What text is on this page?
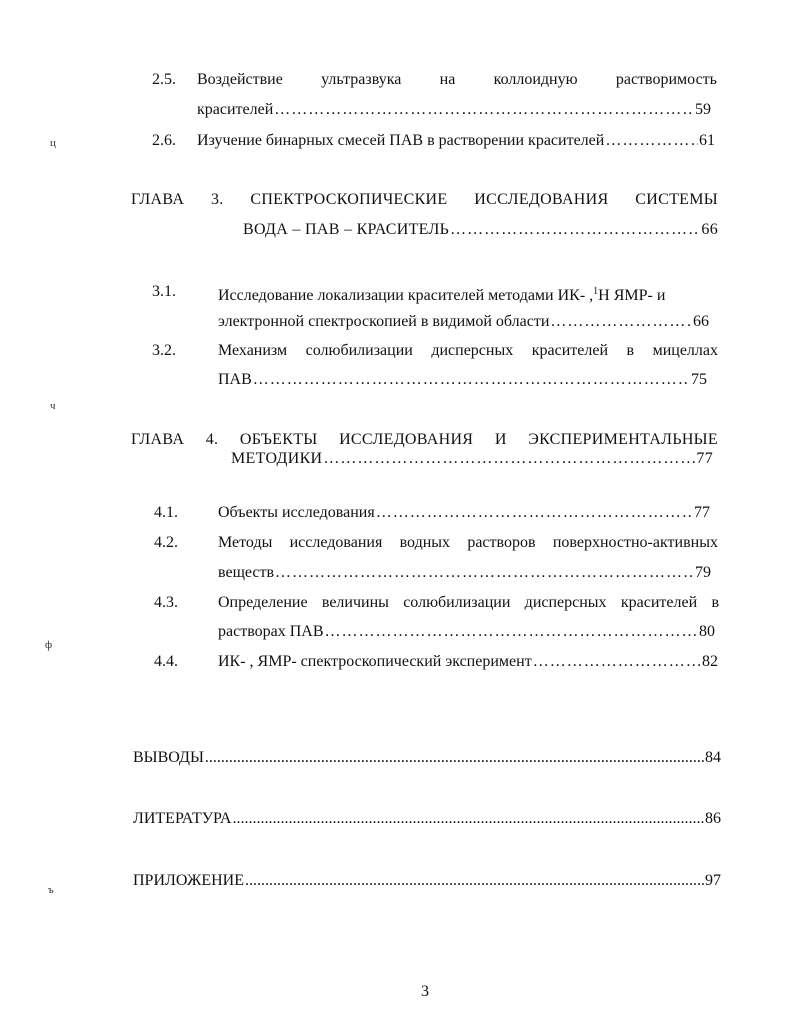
ц
ч
ф
ъ
2.5. Воздействие ультразвука на коллоидную растворимость
красителей ………………………………………………………………………………………………………………………………………………………………	59
2.6. Изучение бинарных смесей ПАВ в растворении красителей ………………………………………………………………………………………………………………………………………………………………	61
ГЛАВА 3. СПЕКТРОСКОПИЧЕСКИЕ ИССЛЕДОВАНИЯ СИСТЕМЫ
ВОДА – ПАВ – КРАСИТЕЛЬ ………………………………………………………………………………………………………………………………………………………………	66
3.1.	Исследование локализации красителей методами ИК- ,$^1$Н ЯМР- и
электронной спектроскопией в видимой области ………………………………………………………………………………………………………………………………………………………………	66
3.2.	Механизм солюбилизации дисперсных красителей в мицеллах
ПАВ ………………………………………………………………………………………………………………………………………………………………	75
ГЛАВА 4. ОБЪЕКТЫ ИССЛЕДОВАНИЯ И ЭКСПЕРИМЕНТАЛЬНЫЕ
МЕТОДИКИ ………………………………………………………………………………………………………………………………………………………………	77
4.1.	Объекты исследования ………………………………………………………………………………………………………………………………………………………………	77
4.2.	Методы исследования водных растворов поверхностно-активных
веществ ………………………………………………………………………………………………………………………………………………………………	79
4.3.	Определение величины солюбилизации дисперсных красителей в
растворах ПАВ ………………………………………………………………………………………………………………………………………………………………	80
4.4.	ИК- , ЯМР- спектроскопический эксперимент ………………………………………………………………………………………………………………………………………………………………	82
ВЫВОДЫ .....	84
ЛИТЕРАТУРА .....	86
ПРИЛОЖЕНИЕ .....	97
3
